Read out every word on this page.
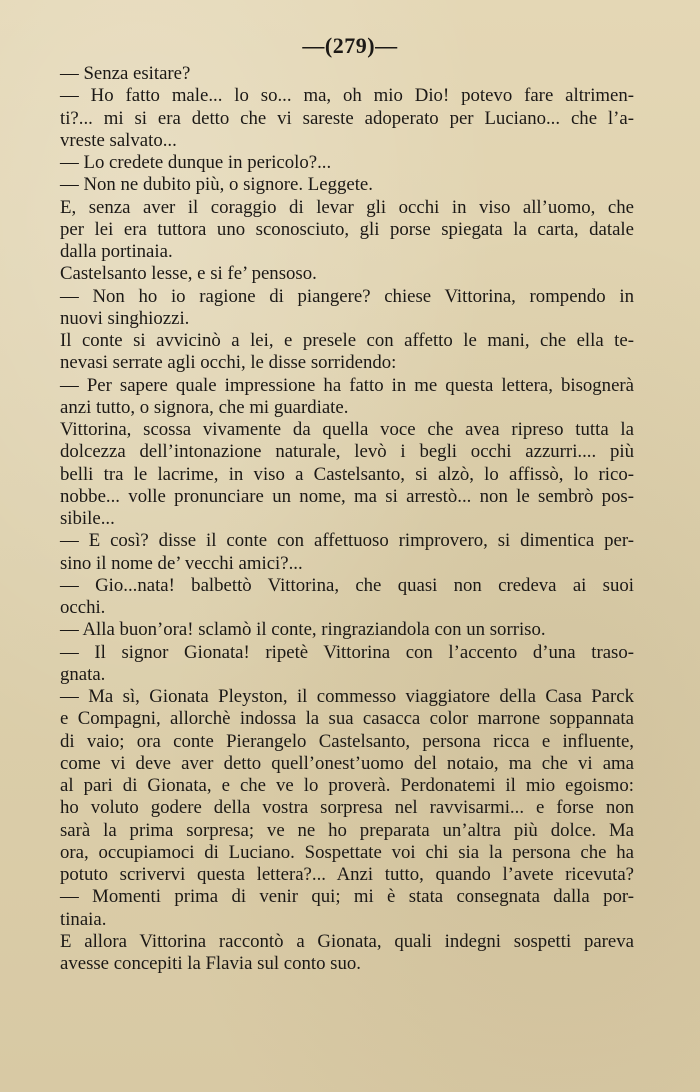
—(279)—
— Senza esitare?
— Ho fatto male... lo so... ma, oh mio Dio! potevo fare altrimen-
ti?... mi si era detto che vi sareste adoperato per Luciano... che l’a-
vreste salvato...
— Lo credete dunque in pericolo?...
— Non ne dubito più, o signore. Leggete.
E, senza aver il coraggio di levar gli occhi in viso all’uomo, che
per lei era tuttora uno sconosciuto, gli porse spiegata la carta, datale
dalla portinaia.
Castelsanto lesse, e si fe’ pensoso.
— Non ho io ragione di piangere? chiese Vittorina, rompendo in
nuovi singhiozzi.
Il conte si avvicinò a lei, e presele con affetto le mani, che ella te-
nevasi serrate agli occhi, le disse sorridendo:
— Per sapere quale impressione ha fatto in me questa lettera, bisognerà
anzi tutto, o signora, che mi guardiate.
Vittorina, scossa vivamente da quella voce che avea ripreso tutta la
dolcezza dell’intonazione naturale, levò i begli occhi azzurri.... più
belli tra le lacrime, in viso a Castelsanto, si alzò, lo affissò, lo rico-
nobbe... volle pronunciare un nome, ma si arrestò... non le sembrò pos-
sibile...
— E così? disse il conte con affettuoso rimprovero, si dimentica per-
sino il nome de’ vecchi amici?...
— Gio...nata! balbettò Vittorina, che quasi non credeva ai suoi
occhi.
— Alla buon’ora! sclamò il conte, ringraziandola con un sorriso.
— Il signor Gionata! ripetè Vittorina con l’accento d’una traso-
gnata.
— Ma sì, Gionata Pleyston, il commesso viaggiatore della Casa Parck
e Compagni, allorchè indossa la sua casacca color marrone soppannata
di vaio; ora conte Pierangelo Castelsanto, persona ricca e influente,
come vi deve aver detto quell’onest’uomo del notaio, ma che vi ama
al pari di Gionata, e che ve lo proverà. Perdonatemi il mio egoismo:
ho voluto godere della vostra sorpresa nel ravvisarmi... e forse non
sarà la prima sorpresa; ve ne ho preparata un’altra più dolce. Ma
ora, occupiamoci di Luciano. Sospettate voi chi sia la persona che ha
potuto scrivervi questa lettera?... Anzi tutto, quando l’avete ricevuta?
— Momenti prima di venir qui; mi è stata consegnata dalla por-
tinaia.
E allora Vittorina raccontò a Gionata, quali indegni sospetti pareva
avesse concepiti la Flavia sul conto suo.
